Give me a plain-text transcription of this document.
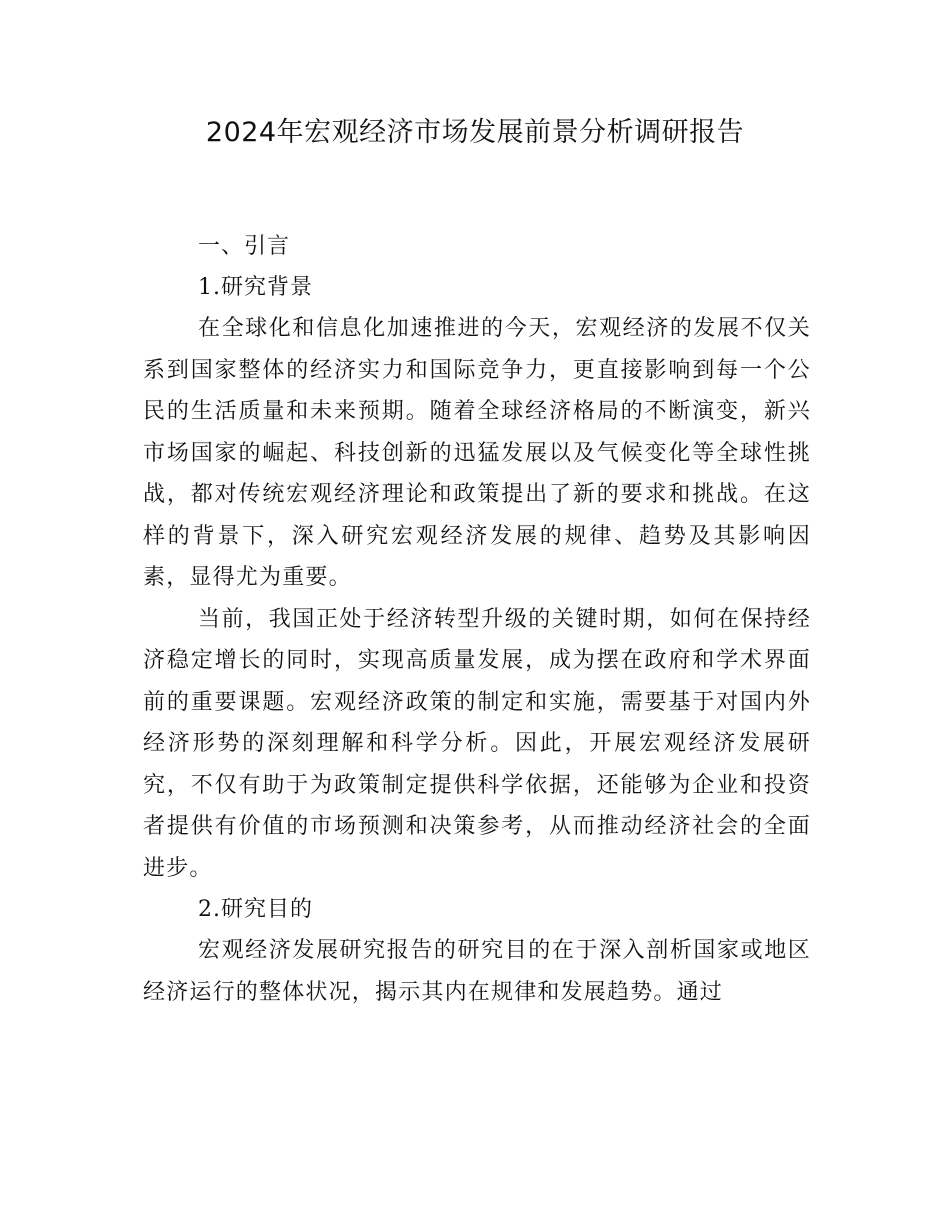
2024年宏观经济市场发展前景分析调研报告

一、引言

1.研究背景

在全球化和信息化加速推进的今天，宏观经济的发展不仅关系到国家整体的经济实力和国际竞争力，更直接影响到每一个公民的生活质量和未来预期。随着全球经济格局的不断演变，新兴市场国家的崛起、科技创新的迅猛发展以及气候变化等全球性挑战，都对传统宏观经济理论和政策提出了新的要求和挑战。在这样的背景下，深入研究宏观经济发展的规律、趋势及其影响因素，显得尤为重要。

当前，我国正处于经济转型升级的关键时期，如何在保持经济稳定增长的同时，实现高质量发展，成为摆在政府和学术界面前的重要课题。宏观经济政策的制定和实施，需要基于对国内外经济形势的深刻理解和科学分析。因此，开展宏观经济发展研究，不仅有助于为政策制定提供科学依据，还能够为企业和投资者提供有价值的市场预测和决策参考，从而推动经济社会的全面进步。

2.研究目的

宏观经济发展研究报告的研究目的在于深入剖析国家或地区经济运行的整体状况，揭示其内在规律和发展趋势。通过
